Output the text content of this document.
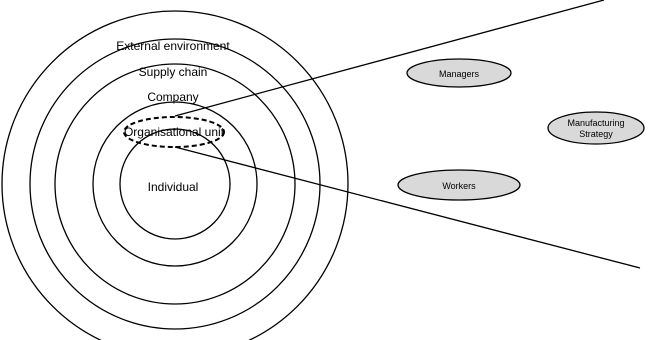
External environment
Supply chain
Company
Organisational unit
Individual
Managers
Manufacturing
Strategy
Workers
